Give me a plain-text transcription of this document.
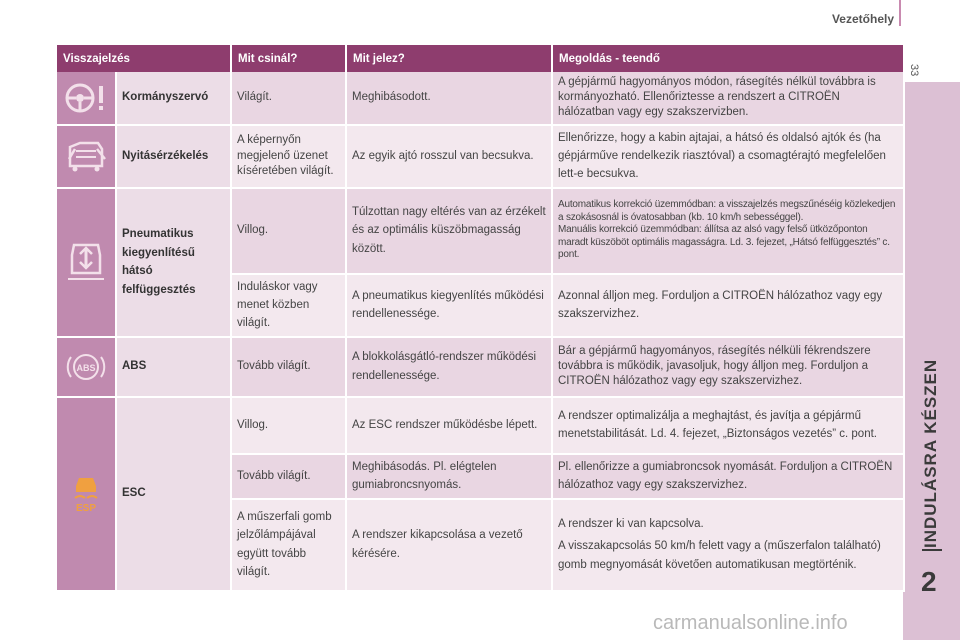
Vezetőhely
33
INDULÁSRA KÉSZEN
2
Visszajelzés		Mit csinál?	Mit jelez?	Megoldás - teendő

	Kormányszervó	Világít.	Meghibásodott.	A gépjármű hagyományos módon, rásegítés nélkül továbbra is kormányozható. Ellenőriztesse a rendszert a CITROËN hálózatban vagy egy szakszervizben.

	Nyitásérzékelés	A képernyőn megjelenő üzenet kíséretében világít.	Az egyik ajtó rosszul van becsukva.	Ellenőrizze, hogy a kabin ajtajai, a hátsó és oldalsó ajtók és (ha gépjárműve rendelkezik riasztóval) a csomagtérajtó megfelelően lett-e becsukva.

	Pneumatikus kiegyenlítésű hátsó felfüggesztés	Villog.	Túlzottan nagy eltérés van az érzékelt és az optimális küszöbmagasság között.	Automatikus korrekció üzemmódban: a visszajelzés megszűnéséig közlekedjen a szokásosnál is óvatosabban (kb. 10 km/h sebességgel).
Manuális korrekció üzemmódban: állítsa az alsó vagy felső ütközőponton maradt küszöböt optimális magasságra. Ld. 3. fejezet, „Hátsó felfüggesztés” c. pont.

		Induláskor vagy menet közben világít.	A pneumatikus kiegyenlítés működési rendellenessége.	Azonnal álljon meg. Forduljon a CITROËN hálózathoz vagy egy szakszervizhez.

ABS	ABS	Tovább világít.	A blokkolásgátló-rendszer működési rendellenessége.	Bár a gépjármű hagyományos, rásegítés nélküli fékrendszere továbbra is működik, javasoljuk, hogy álljon meg. Forduljon a CITROËN hálózathoz vagy egy szakszervizhez.

ESP	ESC	Villog.	Az ESC rendszer működésbe lépett.	A rendszer optimalizálja a meghajtást, és javítja a gépjármű menetstabilitását. Ld. 4. fejezet, „Biztonságos vezetés” c. pont.
		Tovább világít.	Meghibásodás. Pl. elégtelen gumiabroncsnyomás.	Pl. ellenőrizze a gumiabroncsok nyomását. Forduljon a CITROËN hálózathoz vagy egy szakszervizhez.
		A műszerfali gomb jelzőlámpájával együtt tovább világít.	A rendszer kikapcsolása a vezető kérésére.	A rendszer ki van kapcsolva.
A visszakapcsolás 50 km/h felett vagy a (műszerfalon található) gomb megnyomását követően automatikusan megtörténik.
carmanualsonline.info
